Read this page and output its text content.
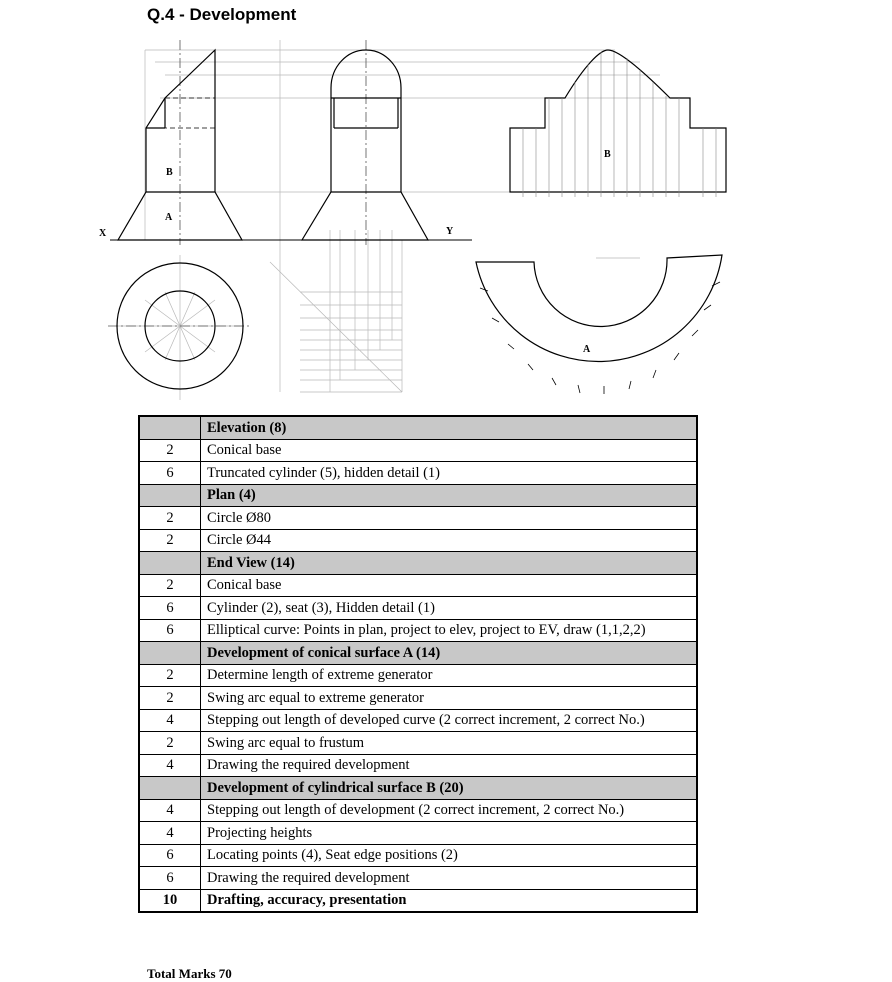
Q.4 - Development
X	Y
A
B
B
A
	Elevation (8)
2	Conical base
6	Truncated cylinder (5), hidden detail (1)
	Plan (4)
2	Circle Ø80
2	Circle Ø44
	End View (14)
2	Conical base
6	Cylinder (2), seat (3), Hidden detail (1)
6	Elliptical curve: Points in plan, project to elev, project to EV, draw (1,1,2,2)
	Development of conical surface A (14)
2	Determine length of extreme generator
2	Swing arc equal to extreme generator
4	Stepping out length of developed curve (2 correct increment, 2 correct No.)
2	Swing arc equal to frustum
4	Drawing the required development
	Development of cylindrical surface B (20)
4	Stepping out length of development (2 correct increment, 2 correct No.)
4	Projecting heights
6	Locating points (4), Seat edge positions (2)
6	Drawing the required development
10	Drafting, accuracy, presentation
Total Marks 70
